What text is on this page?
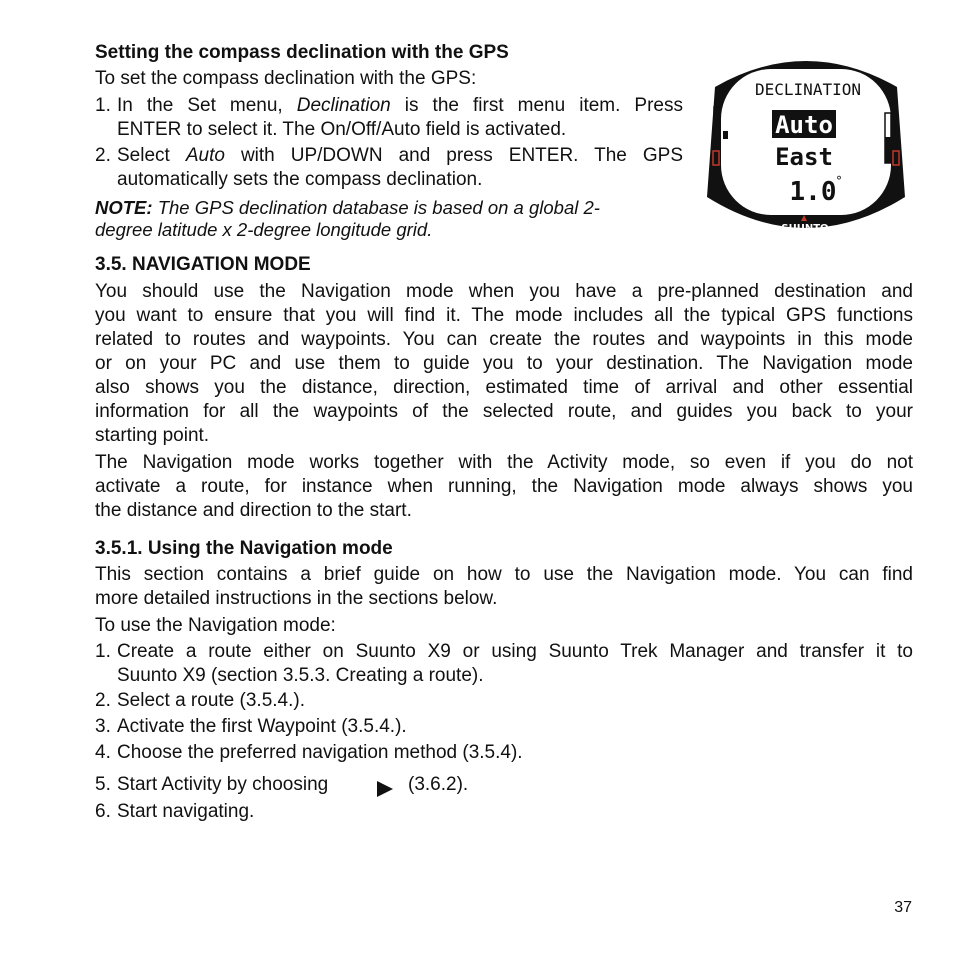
Setting the compass declination with the GPS
To set the compass declination with the GPS:
1. In the Set menu, Declination is the first menu item. Press
ENTER to select it. The On/Off/Auto field is activated.
2. Select Auto with UP/DOWN and press ENTER. The GPS
automatically sets the compass declination.
NOTE: The GPS declination database is based on a global 2-
degree latitude x 2-degree longitude grid.
DECLINATION
Auto
East
1.0 °
SUUNTO
3.5. NAVIGATION MODE
You should use the Navigation mode when you have a pre-planned destination and
you want to ensure that you will find it. The mode includes all the typical GPS functions
related to routes and waypoints. You can create the routes and waypoints in this mode
or on your PC and use them to guide you to your destination. The Navigation mode
also shows you the distance, direction, estimated time of arrival and other essential
information for all the waypoints of the selected route, and guides you back to your
starting point.
The Navigation mode works together with the Activity mode, so even if you do not
activate a route, for instance when running, the Navigation mode always shows you
the distance and direction to the start.
3.5.1. Using the Navigation mode
This section contains a brief guide on how to use the Navigation mode. You can find
more detailed instructions in the sections below.
To use the Navigation mode:
1. Create a route either on Suunto X9 or using Suunto Trek Manager and transfer it to
Suunto X9 (section 3.5.3. Creating a route).
2. Select a route (3.5.4.).
3. Activate the first Waypoint (3.5.4.).
4. Choose the preferred navigation method (3.5.4).
5. Start Activity by choosing	(3.6.2).
6. Start navigating.
37
